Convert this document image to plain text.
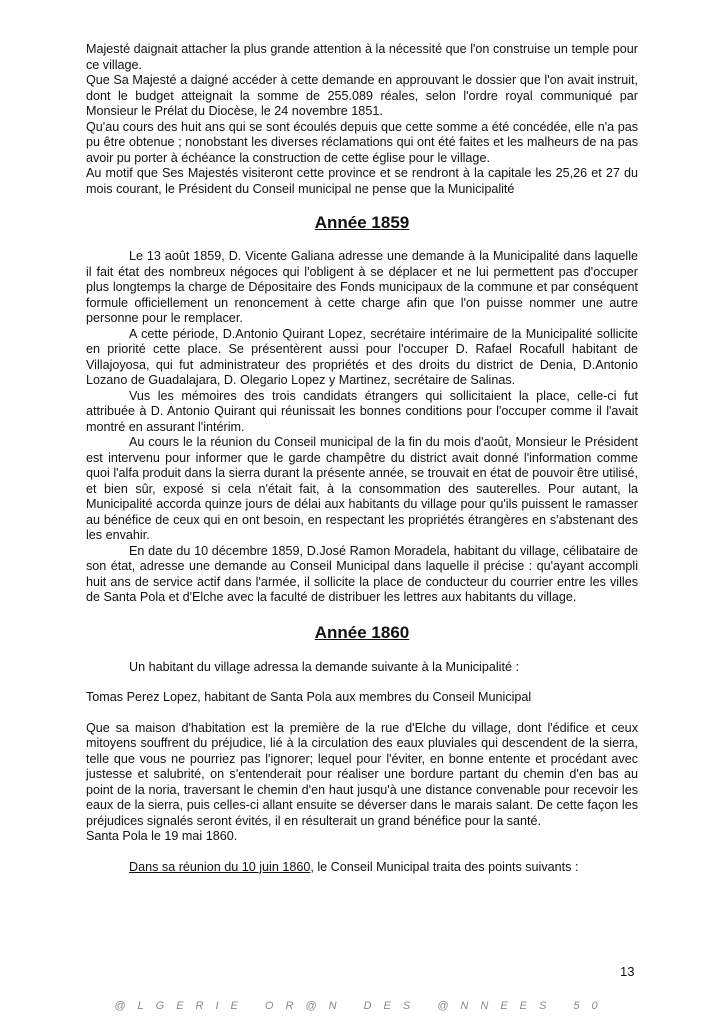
Majesté daignait attacher la plus grande attention à la nécessité que l'on construise un temple pour ce village.

Que Sa Majesté a daigné accéder à cette demande en approuvant le dossier que l'on avait instruit, dont le budget atteignait la somme de 255.089 réales, selon l'ordre royal communiqué par Monsieur le Prélat du Diocèse, le 24 novembre 1851.

Qu'au cours des huit ans qui se sont écoulés depuis que cette somme a été concédée, elle n'a pas pu être obtenue ; nonobstant les diverses réclamations qui ont été faites et les malheurs de na pas avoir pu porter à échéance la construction de cette église pour le village.

Au motif que Ses Majestés visiteront cette province et se rendront à la capitale les 25,26 et 27 du mois courant, le Président du Conseil municipal ne pense que la Municipalité

Année 1859

Le 13 août 1859, D. Vicente Galiana adresse une demande à la Municipalité dans laquelle il fait état des nombreux négoces qui l'obligent à se déplacer et ne lui permettent pas d'occuper plus longtemps la charge de Dépositaire des Fonds municipaux de la commune et par conséquent formule officiellement un renoncement à cette charge afin que l'on puisse nommer une autre personne pour le remplacer.

A cette période, D.Antonio Quirant Lopez, secrétaire intérimaire de la Municipalité sollicite en priorité cette place. Se présentèrent aussi pour l'occuper D. Rafael Rocafull habitant de Villajoyosa, qui fut administrateur des propriétés et des droits du district de Denia, D.Antonio Lozano de Guadalajara, D. Olegario Lopez y Martinez, secrétaire de Salinas.

Vus les mémoires des trois candidats étrangers qui sollicitaient la place, celle-ci fut attribuée à D. Antonio Quirant qui réunissait les bonnes conditions pour l'occuper comme il l'avait montré en assurant l'intérim.

Au cours le la réunion du Conseil municipal de la fin du mois d'août, Monsieur le Président est intervenu pour informer que le garde champêtre du district avait donné l'information comme quoi l'alfa produit dans la sierra durant la présente année, se trouvait en état de pouvoir être utilisé, et bien sûr, exposé si cela n'était fait, à la consommation des sauterelles. Pour autant, la Municipalité accorda quinze jours de délai aux habitants du village pour qu'ils puissent le ramasser au bénéfice de ceux qui en ont besoin, en respectant les propriétés étrangères en s'abstenant des les envahir.

En date du 10 décembre 1859, D.José Ramon Moradela, habitant du village, célibataire de son état, adresse une demande au Conseil Municipal dans laquelle il précise : qu'ayant accompli huit ans de service actif dans l'armée, il sollicite la place de conducteur du courrier entre les villes de Santa Pola et d'Elche avec la faculté de distribuer les lettres aux habitants du village.

Année 1860

Un habitant du village adressa la demande suivante à la Municipalité :

Tomas Perez Lopez, habitant de Santa Pola aux membres du Conseil Municipal

Que sa maison d'habitation est la première de la rue d'Elche du village, dont l'édifice et ceux mitoyens souffrent du préjudice, lié à la circulation des eaux pluviales qui descendent de la sierra, telle que vous ne pourriez pas l'ignorer; lequel pour l'éviter, en bonne entente et procédant avec justesse et salubrité, on s'entenderait pour réaliser une bordure partant du chemin d'en bas au point de la noria, traversant le chemin d'en haut jusqu'à une distance convenable pour recevoir les eaux de la sierra, puis celles-ci allant ensuite se déverser dans le marais salant. De cette façon les préjudices signalés seront évités, il en résulterait un grand bénéfice pour la santé.

Santa Pola le 19 mai 1860.

Dans sa réunion du 10 juin 1860, le Conseil Municipal traita des points suivants :

13
@LGERIE OR@N DES @NNEES 50
